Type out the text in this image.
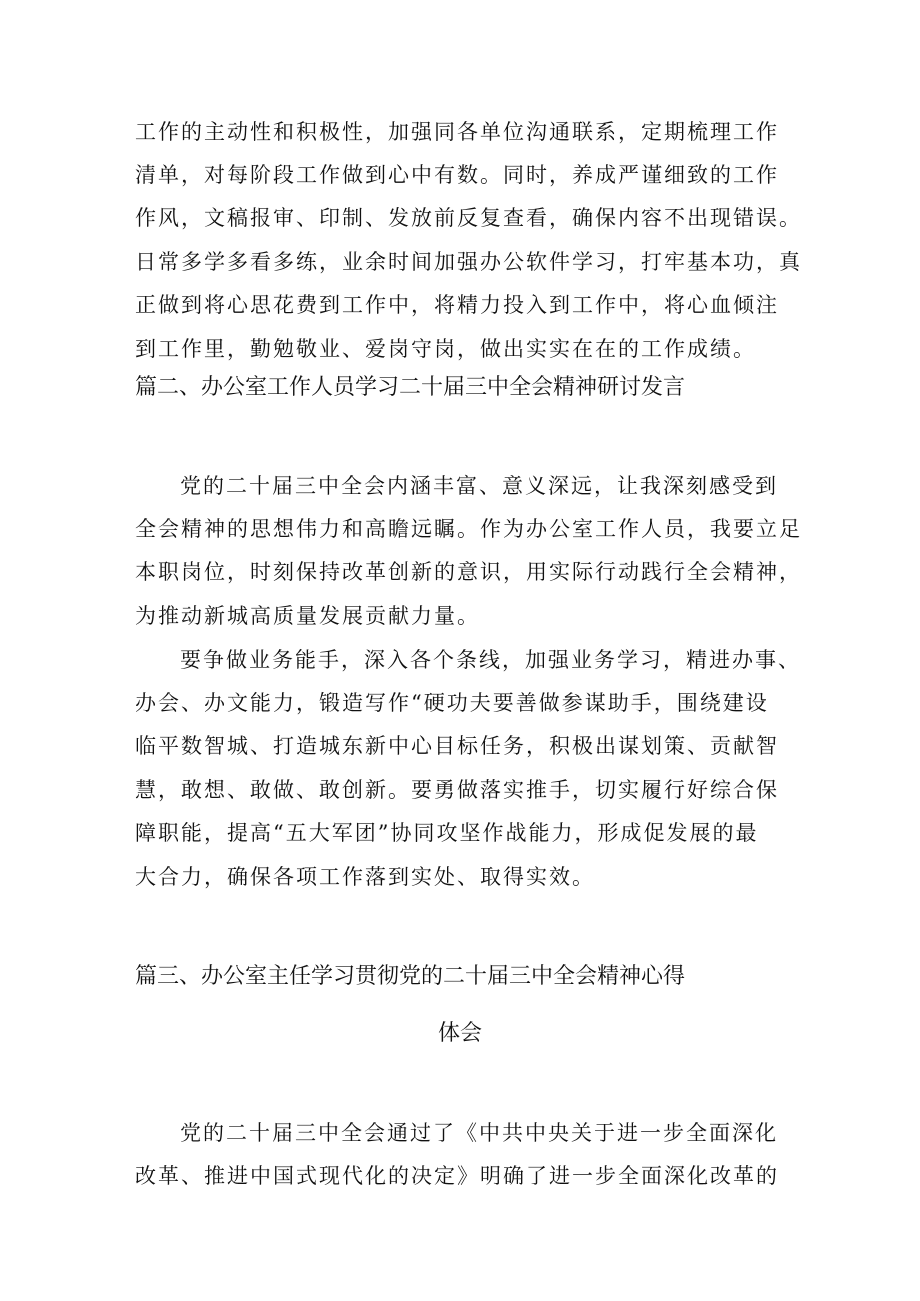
工作的主动性和积极性，加强同各单位沟通联系，定期梳理工作
清单，对每阶段工作做到心中有数。同时，养成严谨细致的工作
作风，文稿报审、印制、发放前反复查看，确保内容不出现错误。
日常多学多看多练，业余时间加强办公软件学习，打牢基本功，真
正做到将心思花费到工作中，将精力投入到工作中，将心血倾注
到工作里，勤勉敬业、爱岗守岗，做出实实在在的工作成绩。
篇二、办公室工作人员学习二十届三中全会精神研讨发言
党的二十届三中全会内涵丰富、意义深远，让我深刻感受到
全会精神的思想伟力和高瞻远瞩。作为办公室工作人员，我要立足
本职岗位，时刻保持改革创新的意识，用实际行动践行全会精神，
为推动新城高质量发展贡献力量。
要争做业务能手，深入各个条线，加强业务学习，精进办事、
办会、办文能力，锻造写作“硬功夫要善做参谋助手，围绕建设
临平数智城、打造城东新中心目标任务，积极出谋划策、贡献智
慧，敢想、敢做、敢创新。要勇做落实推手，切实履行好综合保
障职能，提高“五大军团”协同攻坚作战能力，形成促发展的最
大合力，确保各项工作落到实处、取得实效。
篇三、办公室主任学习贯彻党的二十届三中全会精神心得
体会
党的二十届三中全会通过了《中共中央关于进一步全面深化
改革、推进中国式现代化的决定》明确了进一步全面深化改革的
